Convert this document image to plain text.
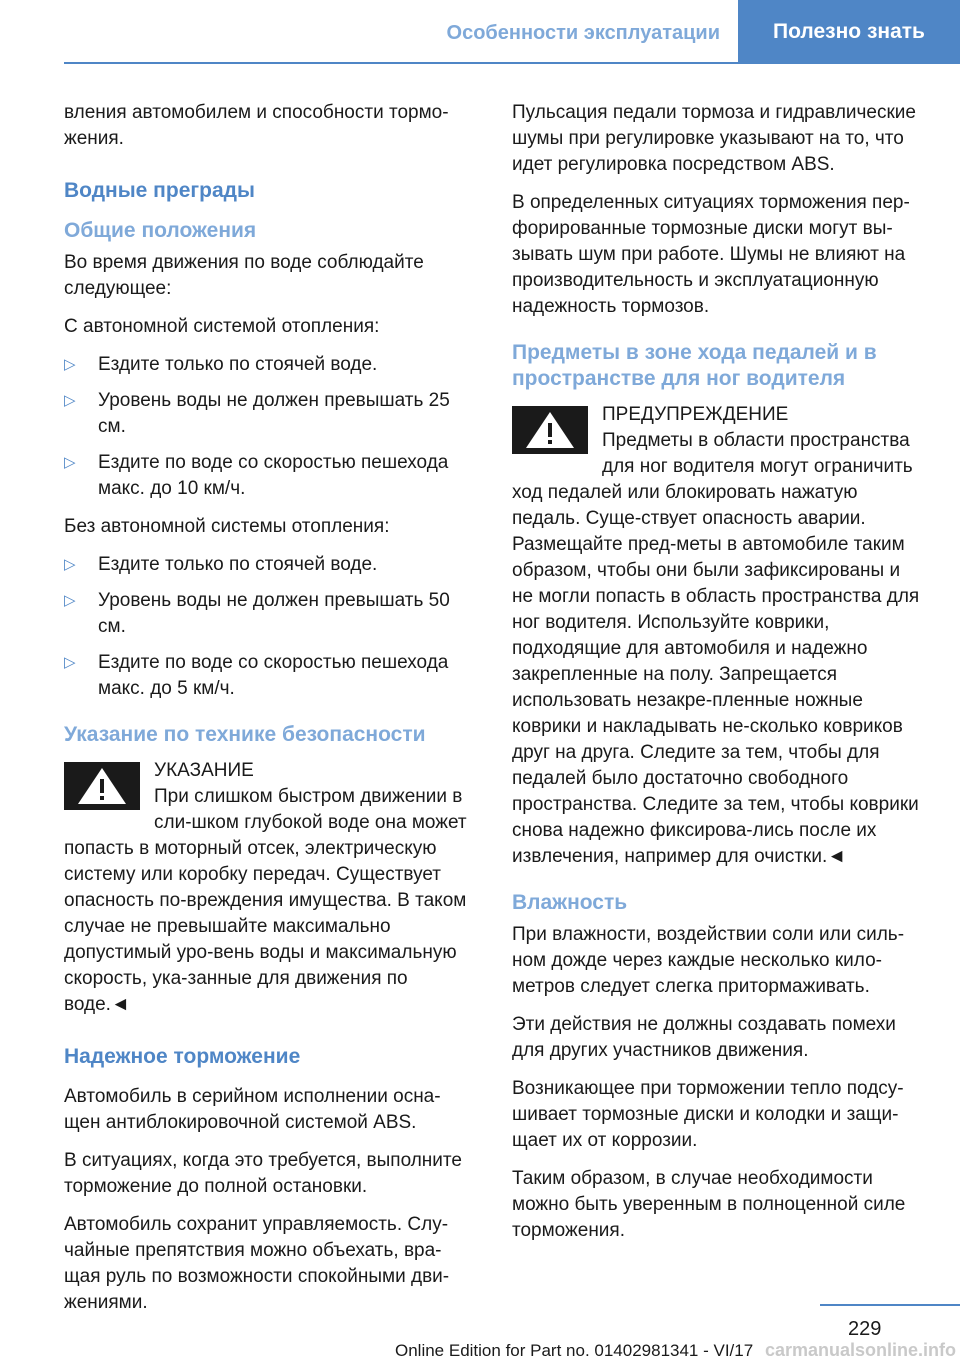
Особенности эксплуатации	Полезно знать

вления автомобилем и способности тормо-жения.

Водные преграды
Общие положения

Во время движения по воде соблюдайте следующее:

С автономной системой отопления:

▷ Ездите только по стоячей воде.
▷ Уровень воды не должен превышать 25 см.
▷ Ездите по воде со скоростью пешехода макс. до 10 км/ч.

Без автономной системы отопления:

▷ Ездите только по стоячей воде.
▷ Уровень воды не должен превышать 50 см.
▷ Ездите по воде со скоростью пешехода макс. до 5 км/ч.
Указание по технике безопасности
УКАЗАНИЕ
При слишком быстром движении в сли-шком глубокой воде она может попасть в моторный отсек, электрическую систему или коробку передач. Существует опасность по-вреждения имущества. В таком случае не превышайте максимально допустимый уро-вень воды и максимальную скорость, ука-занные для движения по воде.◄
Надежное торможение

Автомобиль в серийном исполнении осна-щен антиблокировочной системой ABS.

В ситуациях, когда это требуется, выполните торможение до полной остановки.

Автомобиль сохранит управляемость. Слу-чайные препятствия можно объехать, вра-щая руль по возможности спокойными дви-жениями.

Пульсация педали тормоза и гидравлические шумы при регулировке указывают на то, что идет регулировка посредством ABS.

В определенных ситуациях торможения пер-форированные тормозные диски могут вы-зывать шум при работе. Шумы не влияют на производительность и эксплуатационную надежность тормозов.

Предметы в зоне хода педалей и в пространстве для ног водителя
ПРЕДУПРЕЖДЕНИЕ
Предметы в области пространства для ног водителя могут ограничить ход педалей или блокировать нажатую педаль. Суще-ствует опасность аварии. Размещайте пред-меты в автомобиле таким образом, чтобы они были зафиксированы и не могли попасть в область пространства для ног водителя. Используйте коврики, подходящие для автомобиля и надежно закрепленные на полу. Запрещается использовать незакре-пленные ножные коврики и накладывать не-сколько ковриков друг на друга. Следите за тем, чтобы для педалей было достаточно свободного пространства. Следите за тем, чтобы коврики снова надежно фиксирова-лись после их извлечения, например для очистки.◄
Влажность

При влажности, воздействии соли или силь-ном дожде через каждые несколько кило-метров следует слегка притормаживать.

Эти действия не должны создавать помехи для других участников движения.

Возникающее при торможении тепло подсу-шивает тормозные диски и колодки и защи-щает их от коррозии.

Таким образом, в случае необходимости можно быть уверенным в полноценной силе торможения.

229
Online Edition for Part no. 01402981341 - VI/17 carmanualsonline.info
